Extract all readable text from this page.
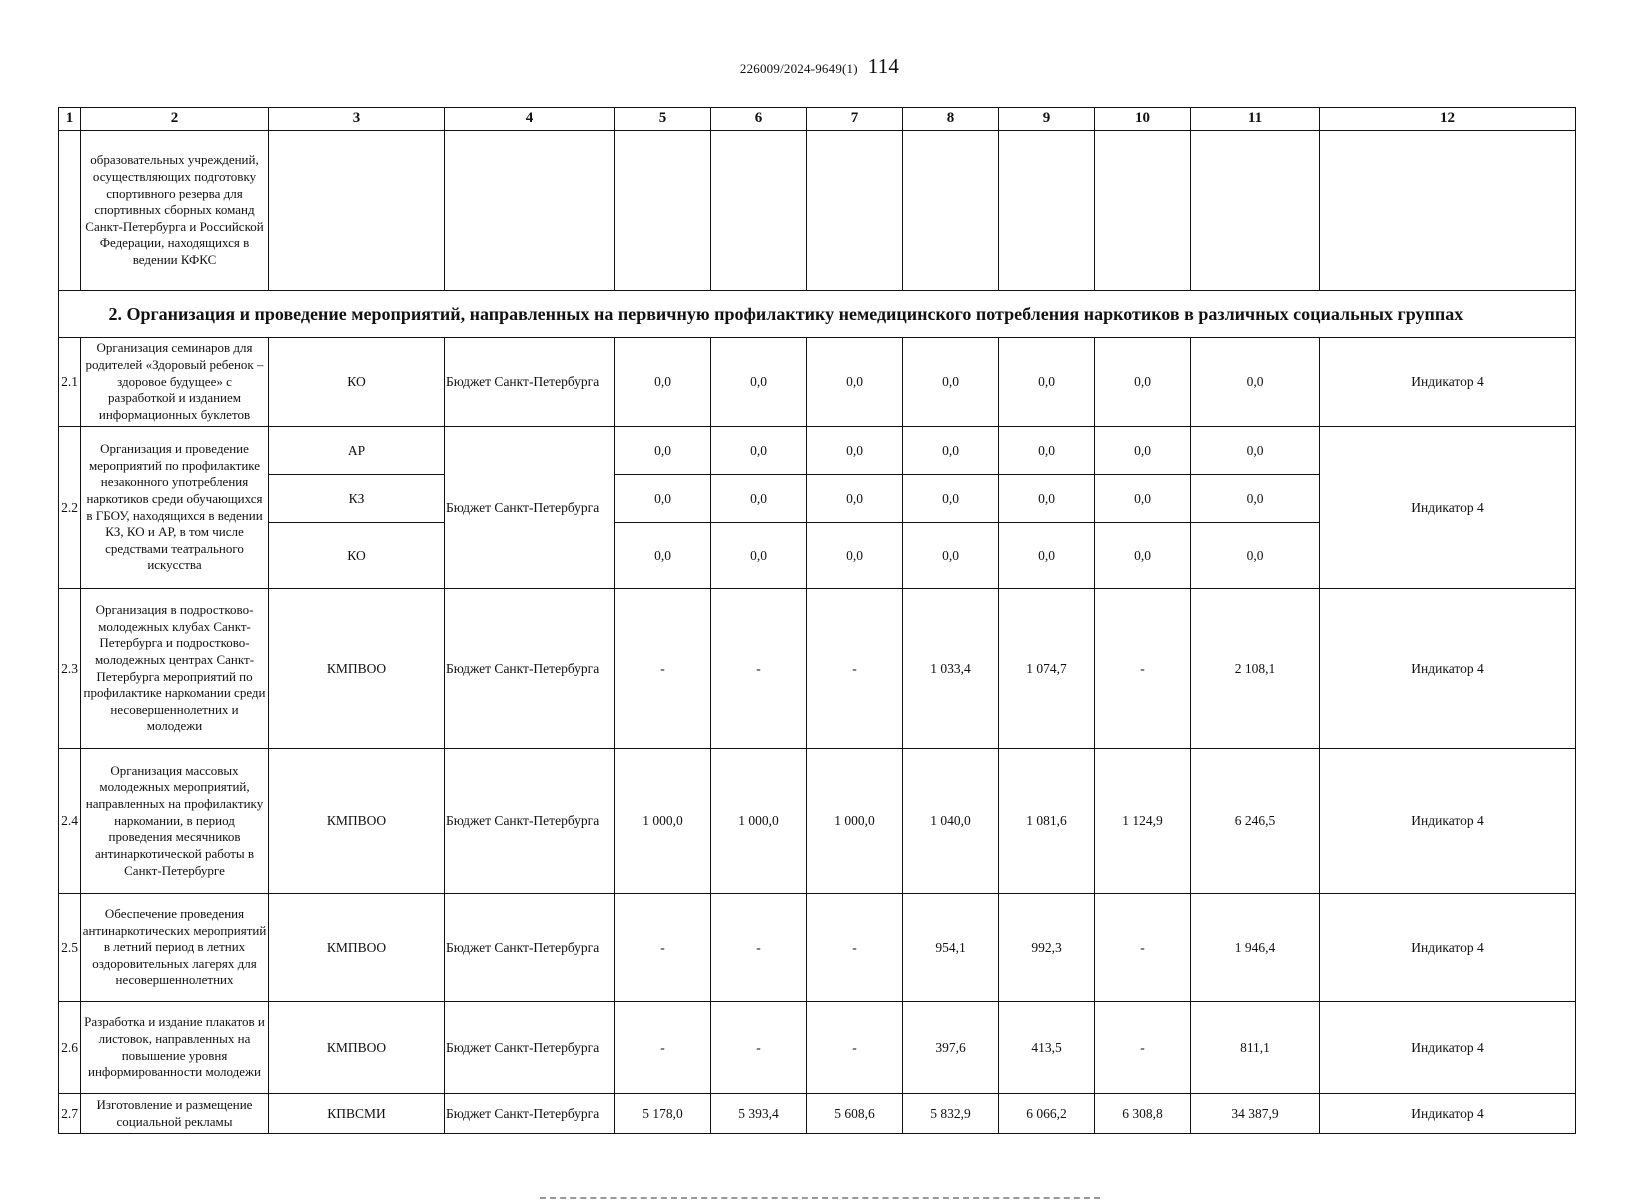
226009/2024-9649(1) 114
1	2	3	4	5	6	7	8	9	10	11	12
	образовательных учреждений, осуществляющих подготовку спортивного резерва для спортивных сборных команд Санкт-Петербурга и Российской Федерации, находящихся в ведении КФКС										
	2. Организация и проведение мероприятий, направленных на первичную профилактику немедицинского потребления наркотиков в различных социальных группах										
2.1	Организация семинаров для родителей «Здоровый ребенок – здоровое будущее» с разработкой и изданием информационных буклетов	КО	Бюджет Санкт-Петербурга	0,0	0,0	0,0	0,0	0,0	0,0	0,0	Индикатор 4
2.2	Организация и проведение мероприятий по профилактике незаконного употребления наркотиков среди обучающихся в ГБОУ, находящихся в ведении КЗ, КО и АР, в том числе средствами театрального искусства	АР	Бюджет Санкт-Петербурга	0,0	0,0	0,0	0,0	0,0	0,0	0,0	Индикатор 4
		КЗ		0,0	0,0	0,0	0,0	0,0	0,0	0,0	
		КО		0,0	0,0	0,0	0,0	0,0	0,0	0,0	
2.3	Организация в подростково-молодежных клубах Санкт-Петербурга и подростково-молодежных центрах Санкт-Петербурга мероприятий по профилактике наркомании среди несовершеннолетних и молодежи	КМПВОО	Бюджет Санкт-Петербурга	-	-	-	1 033,4	1 074,7	-	2 108,1	Индикатор 4
2.4	Организация массовых молодежных мероприятий, направленных на профилактику наркомании, в период проведения месячников антинаркотической работы в Санкт-Петербурге	КМПВОО	Бюджет Санкт-Петербурга	1 000,0	1 000,0	1 000,0	1 040,0	1 081,6	1 124,9	6 246,5	Индикатор 4
2.5	Обеспечение проведения антинаркотических мероприятий в летний период в летних оздоровительных лагерях для несовершеннолетних	КМПВОО	Бюджет Санкт-Петербурга	-	-	-	954,1	992,3	-	1 946,4	Индикатор 4
2.6	Разработка и издание плакатов и листовок, направленных на повышение уровня информированности молодежи	КМПВОО	Бюджет Санкт-Петербурга	-	-	-	397,6	413,5	-	811,1	Индикатор 4
2.7	Изготовление и размещение социальной рекламы	КПВСМИ	Бюджет Санкт-Петербурга	5 178,0	5 393,4	5 608,6	5 832,9	6 066,2	6 308,8	34 387,9	Индикатор 4
